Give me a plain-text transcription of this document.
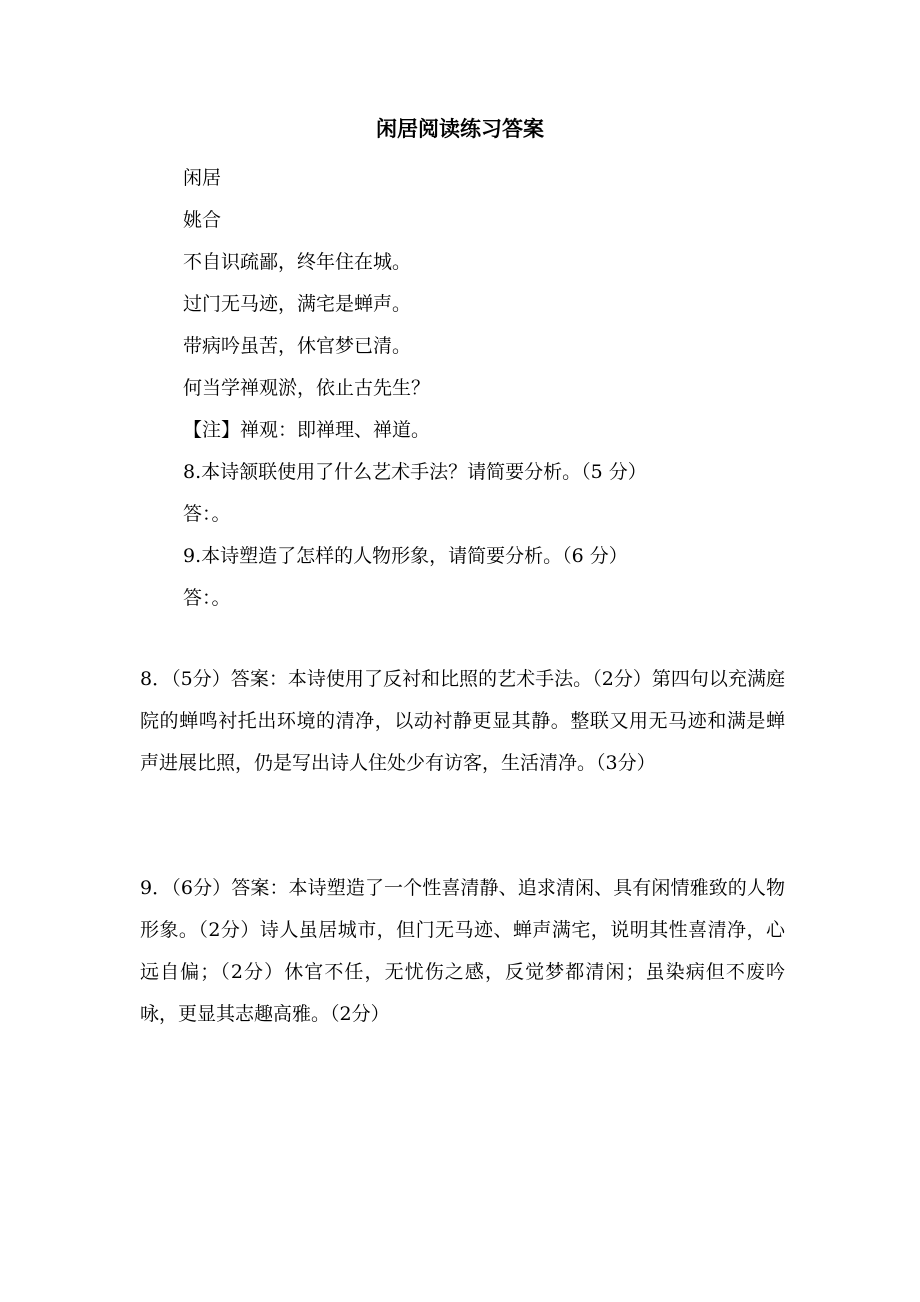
闲居阅读练习答案
闲居
姚合
不自识疏鄙，终年住在城。
过门无马迹，满宅是蝉声。
带病吟虽苦，休官梦已清。
何当学禅观淤，依止古先生？
【注】禅观：即禅理、禅道。
8.本诗颔联使用了什么艺术手法？请简要分析。（5 分）
答：。
9.本诗塑造了怎样的人物形象，请简要分析。（6 分）
答：。

8．（5分）答案：本诗使用了反衬和比照的艺术手法。（2分）第四句以充满庭院的蝉鸣衬托出环境的清净，以动衬静更显其静。整联又用无马迹和满是蝉声进展比照，仍是写出诗人住处少有访客，生活清净。（3分）

9．（6分）答案：本诗塑造了一个性喜清静、追求清闲、具有闲情雅致的人物形象。（2分）诗人虽居城市，但门无马迹、蝉声满宅，说明其性喜清净，心远自偏；（2分）休官不任，无忧伤之感，反觉梦都清闲；虽染病但不废吟咏，更显其志趣高雅。（2分）
